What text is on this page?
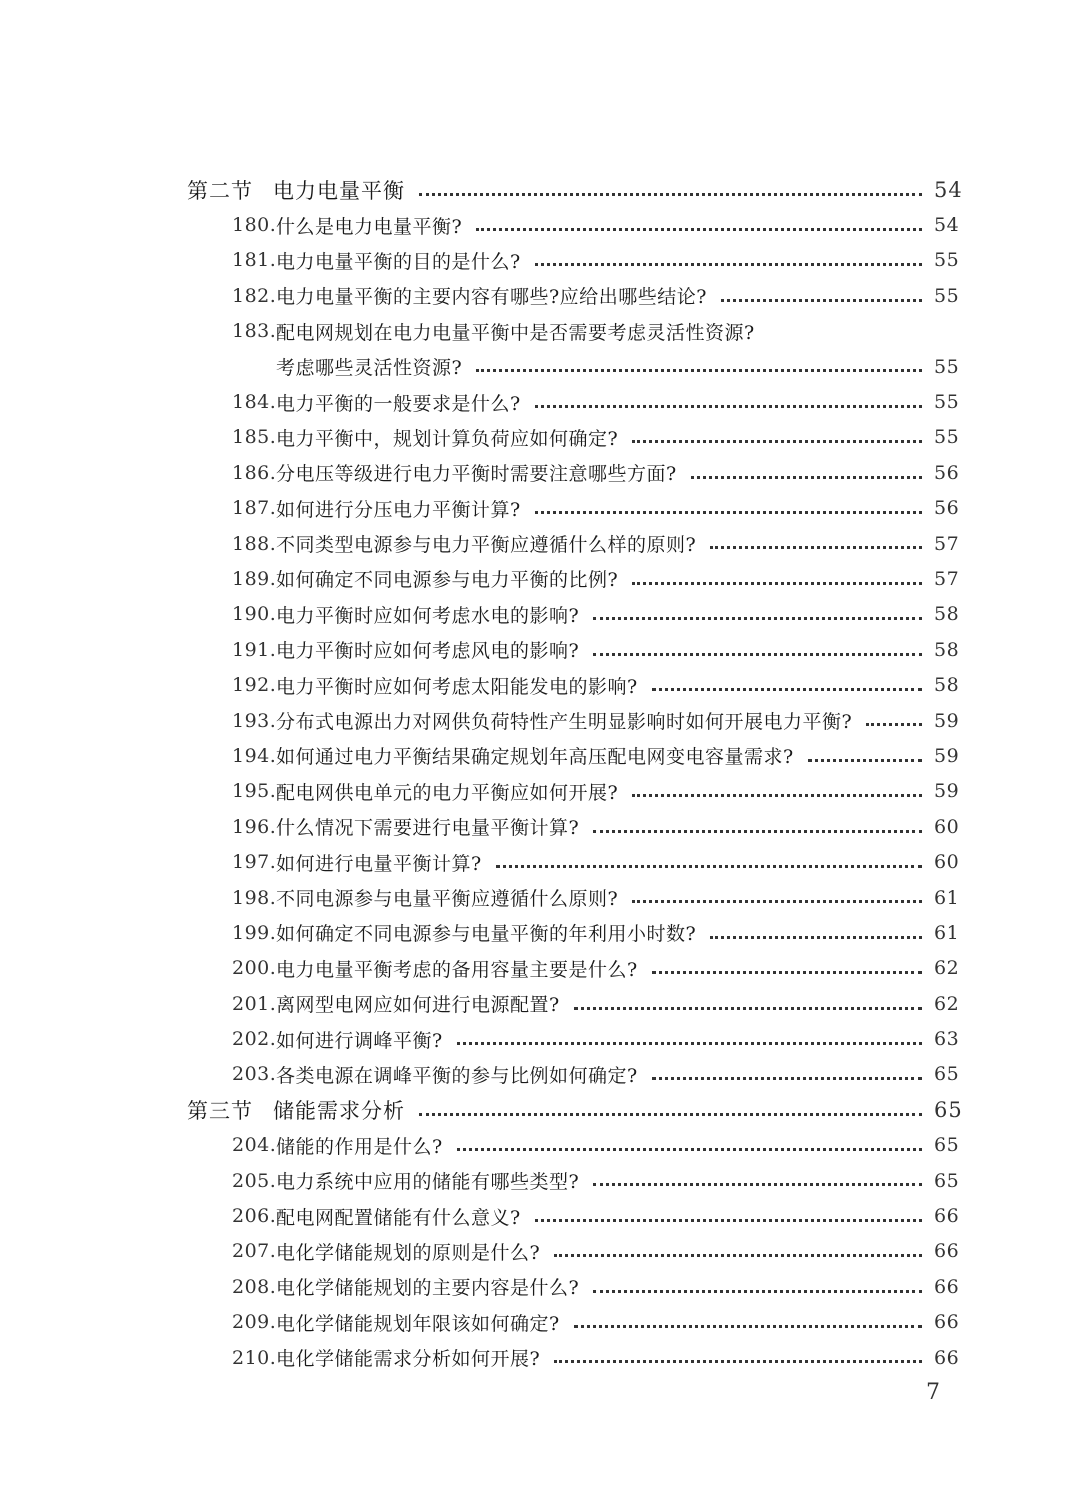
第二节 电力电量平衡	54
180. 什么是电力电量平衡?	54
181. 电力电量平衡的目的是什么?	55
182. 电力电量平衡的主要内容有哪些?应给出哪些结论?	55
183. 配电网规划在电力电量平衡中是否需要考虑灵活性资源?
考虑哪些灵活性资源?	55
184. 电力平衡的一般要求是什么?	55
185. 电力平衡中，规划计算负荷应如何确定?	55
186. 分电压等级进行电力平衡时需要注意哪些方面?	56
187. 如何进行分压电力平衡计算?	56
188. 不同类型电源参与电力平衡应遵循什么样的原则?	57
189. 如何确定不同电源参与电力平衡的比例?	57
190. 电力平衡时应如何考虑水电的影响?	58
191. 电力平衡时应如何考虑风电的影响?	58
192. 电力平衡时应如何考虑太阳能发电的影响?	58
193. 分布式电源出力对网供负荷特性产生明显影响时如何开展电力平衡?	59
194. 如何通过电力平衡结果确定规划年高压配电网变电容量需求?	59
195. 配电网供电单元的电力平衡应如何开展?	59
196. 什么情况下需要进行电量平衡计算?	60
197. 如何进行电量平衡计算?	60
198. 不同电源参与电量平衡应遵循什么原则?	61
199. 如何确定不同电源参与电量平衡的年利用小时数?	61
200. 电力电量平衡考虑的备用容量主要是什么?	62
201. 离网型电网应如何进行电源配置?	62
202. 如何进行调峰平衡?	63
203. 各类电源在调峰平衡的参与比例如何确定?	65
第三节 储能需求分析	65
204. 储能的作用是什么?	65
205. 电力系统中应用的储能有哪些类型?	65
206. 配电网配置储能有什么意义?	66
207. 电化学储能规划的原则是什么?	66
208. 电化学储能规划的主要内容是什么?	66
209. 电化学储能规划年限该如何确定?	66
210. 电化学储能需求分析如何开展?	66
7
